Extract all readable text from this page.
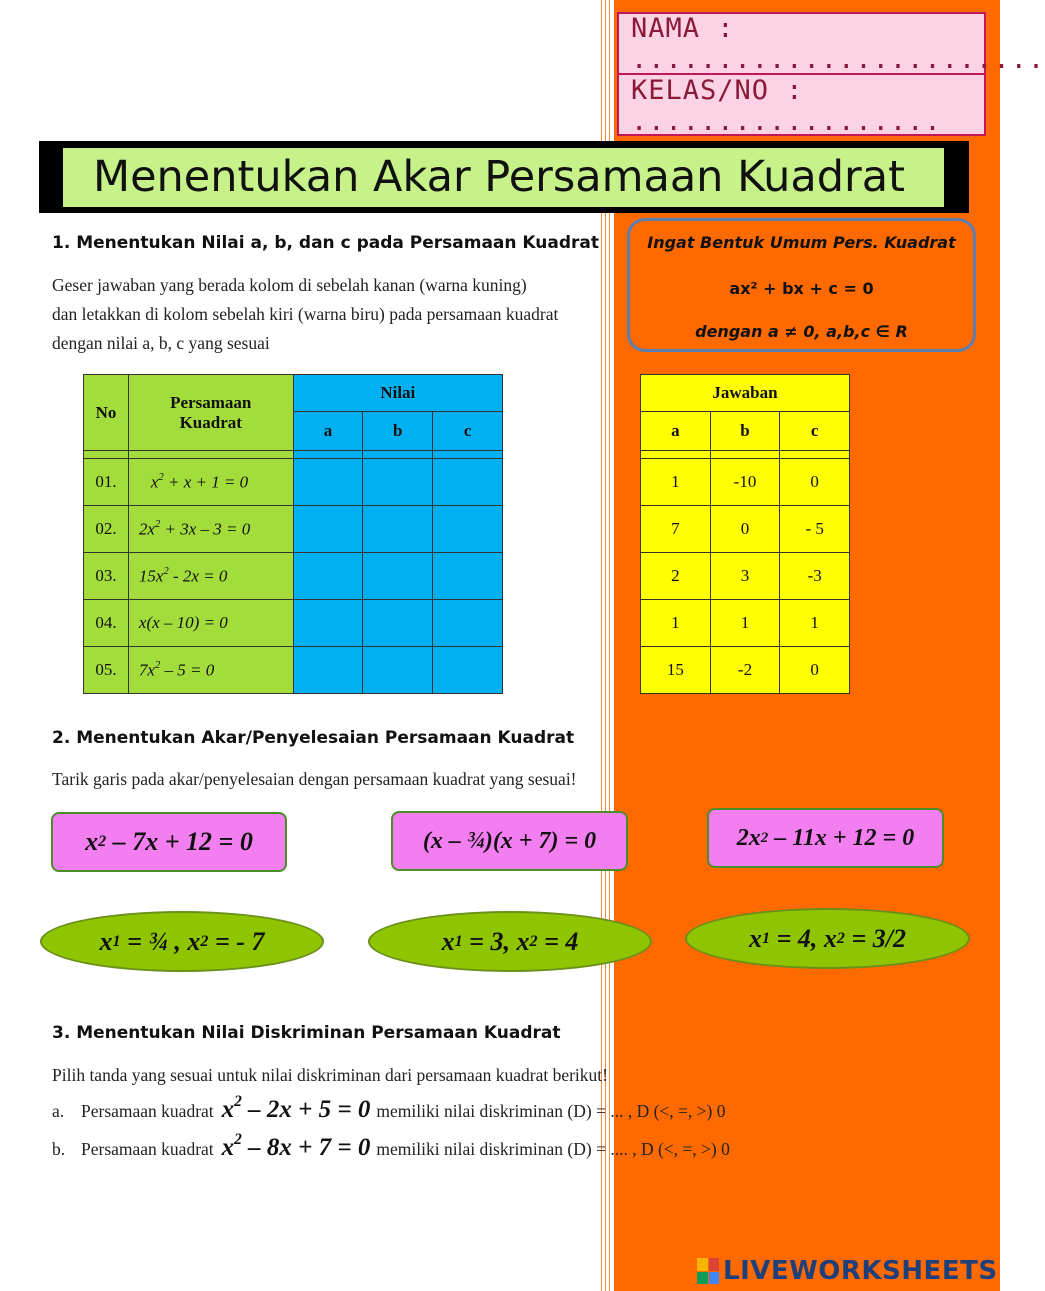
NAMA : ........................
KELAS/NO : ..................
Menentukan Akar Persamaan Kuadrat
1. Menentukan Nilai a, b, dan c pada Persamaan Kuadrat
Geser jawaban yang berada kolom di sebelah kanan (warna kuning)
dan letakkan di kolom sebelah kiri (warna biru) pada persamaan kuadrat
dengan nilai a, b, c yang sesuai
Ingat Bentuk Umum Pers. Kuadrat
ax² + bx + c = 0
dengan a ≠ 0, a,b,c ∈ R
No	Persamaan
Kuadrat	Nilai		
		a	b	c

01.	$x^2 + x + 1 = 0$			
02.	$2x^2 + 3x - 3 = 0$			
03.	$15x^2 - 2x = 0$			
04.	x(x – 10) = 0			
05.	$7x^2 - 5 = 0$			
Jawaban		
a	b	c

1	-10	0
7	0	- 5
2	3	-3
1	1	1
15	-2	0
2. Menentukan Akar/Penyelesaian Persamaan Kuadrat
Tarik garis pada akar/penyelesaian dengan persamaan kuadrat yang sesuai!
x 2 – 7x + 12 = 0	(x – ¾)(x + 7) = 0	2x 2 – 11x + 12 = 0
x 1 = ¾ , x 2 = - 7	x 1 = 3, x 2 = 4	x 1 = 4, x 2 = 3/2
3. Menentukan Nilai Diskriminan Persamaan Kuadrat
Pilih tanda yang sesuai untuk nilai diskriminan dari persamaan kuadrat berikut!
a. Persamaan kuadrat $x^2 - 2x + 5 = 0$ memiliki nilai diskriminan (D) = ... , D (<, =, >) 0
b. Persamaan kuadrat $x^2 - 8x + 7 = 0$ memiliki nilai diskriminan (D) = .... , D (<, =, >) 0
LIVEWORKSHEETS
